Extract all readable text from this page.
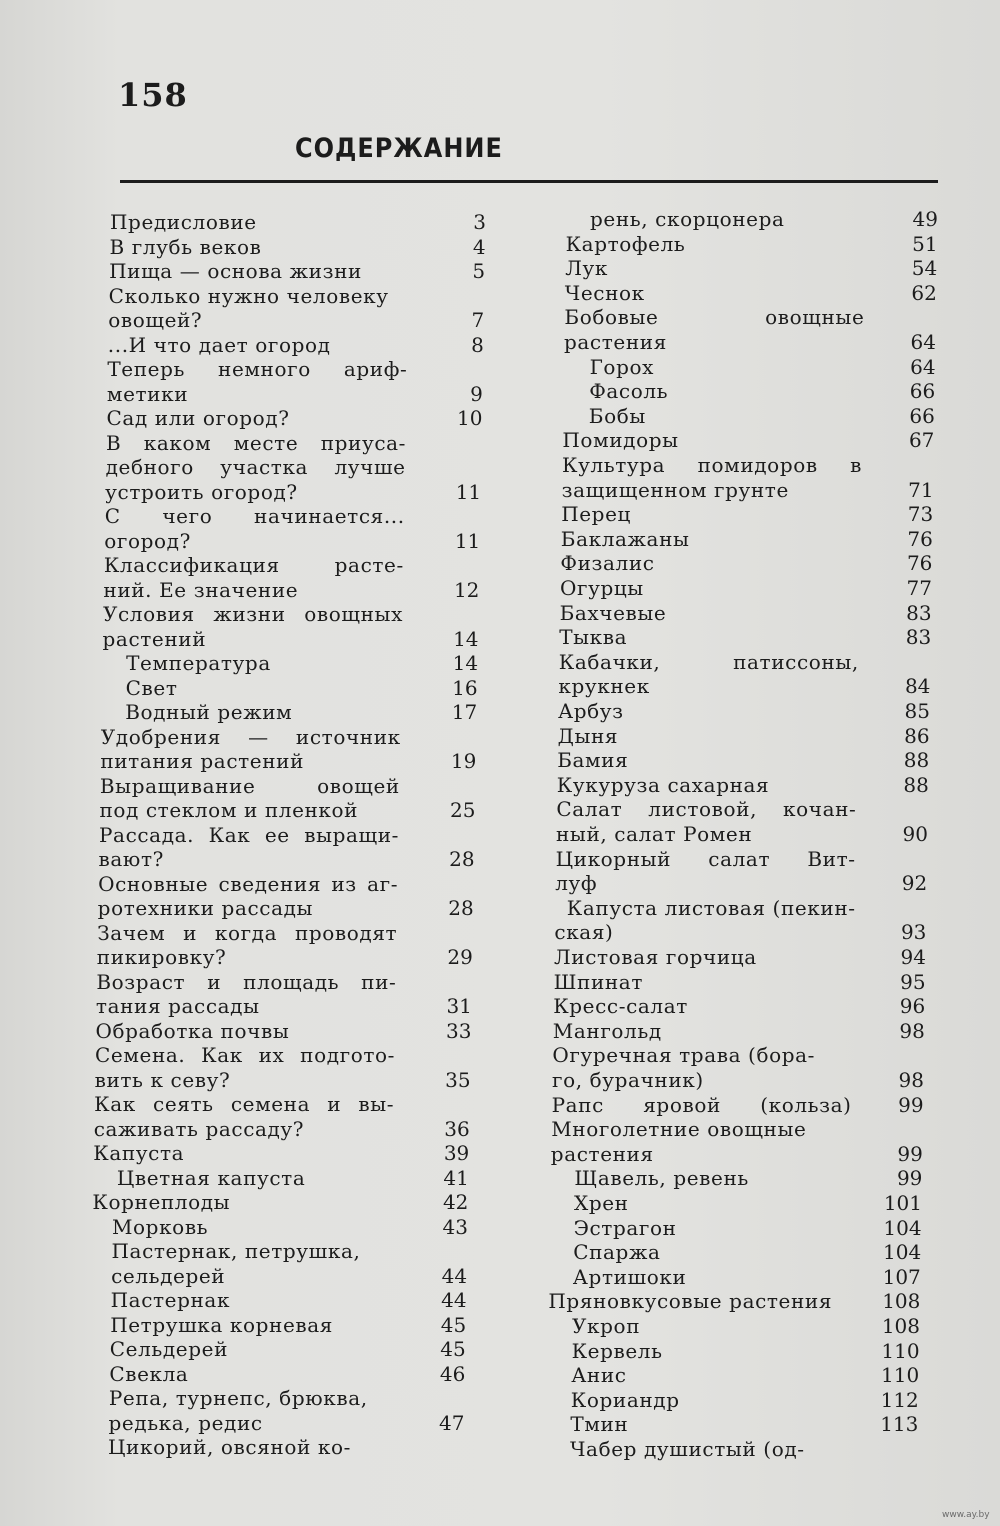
158
СОДЕРЖАНИЕ
Предисловие	3
В глубь веков	4
Пища — основа жизни	5
Сколько нужно человеку
овощей?	7
...И что дает огород	8
Теперь немного ариф-
метики	9
Сад или огород?	10
В каком месте приуса-
дебного участка лучше
устроить огород?	11
С чего начинается...
огород?	11
Классификация расте-
ний. Ее значение	12
Условия жизни овощных
растений	14
Температура	14
Свет	16
Водный режим	17
Удобрения — источник
питания растений	19
Выращивание овощей
под стеклом и пленкой	25
Рассада. Как ее выращи-
вают?	28
Основные сведения из аг-
ротехники рассады	28
Зачем и когда проводят
пикировку?	29
Возраст и площадь пи-
тания рассады	31
Обработка почвы	33
Семена. Как их подгото-
вить к севу?	35
Как сеять семена и вы-
саживать рассаду?	36
Капуста	39
Цветная капуста	41
Корнеплоды	42
Морковь	43
Пастернак, петрушка,
сельдерей	44
Пастернак	44
Петрушка корневая	45
Сельдерей	45
Свекла	46
Репа, турнепс, брюква,
редька, редис	47
Цикорий, овсяной ко-
рень, скорцонера	49
Картофель	51
Лук	54
Чеснок	62
Бобовые овощные
растения	64
Горох	64
Фасоль	66
Бобы	66
Помидоры	67
Культура помидоров в
защищенном грунте	71
Перец	73
Баклажаны	76
Физалис	76
Огурцы	77
Бахчевые	83
Тыква	83
Кабачки, патиссоны,
крукнек	84
Арбуз	85
Дыня	86
Бамия	88
Кукуруза сахарная	88
Салат листовой, кочан-
ный, салат Ромен	90
Цикорный салат Вит-
луф	92
Капуста листовая (пекин-
ская)	93
Листовая горчица	94
Шпинат	95
Кресс-салат	96
Мангольд	98
Огуречная трава (бора-
го, бурачник)	98
Рапс яровой (кольза)	99
Многолетние овощные
растения	99
Щавель, ревень	99
Хрен	101
Эстрагон	104
Спаржа	104
Артишоки	107
Пряновкусовые растения	108
Укроп	108
Кервель	110
Анис	110
Кориандр	112
Тмин	113
Чабер душистый (од-
www.ay.by
